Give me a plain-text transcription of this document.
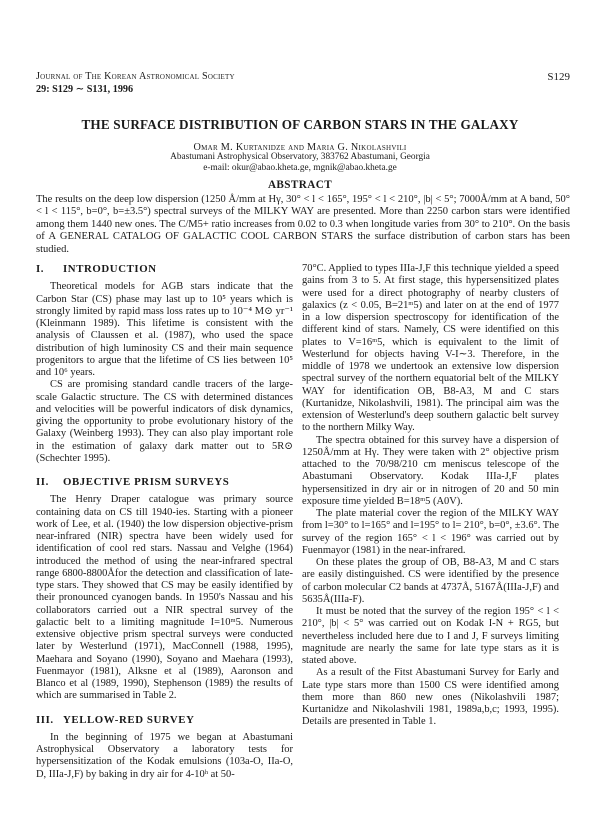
Journal of The Korean Astronomical Society
29: S129 ∼ S131, 1996
S129
THE SURFACE DISTRIBUTION OF CARBON STARS IN THE GALAXY
Omar M. Kurtanidze and Maria G. Nikolashvili
Abastumani Astrophysical Observatory, 383762 Abastumani, Georgia
e-mail: okur@abao.kheta.ge, mgnik@abao.kheta.ge
ABSTRACT
The results on the deep low dispersion (1250 Å/mm at Hγ, 30° < l < 165°, 195° < l < 210°, |b| < 5°; 7000Å/mm at A band, 50° < l < 115°, b=0°, b=±3.5°) spectral surveys of the MILKY WAY are presented. More than 2250 carbon stars were identified among them 1440 new ones. The C/M5+ ratio increases from 0.02 to 0.3 when longitude varies from 30° to 210°. On the basis of A GENERAL CATALOG OF GALACTIC COOL CARBON STARS the surface distribution of carbon stars has been studied.
I. INTRODUCTION

Theoretical models for AGB stars indicate that the Carbon Star (CS) phase may last up to 10⁵ years which is strongly limited by rapid mass loss rates up to 10⁻⁴ M⊙ yr⁻¹ (Kleinmann 1989). This lifetime is consistent with the analysis of Claussen et al. (1987), who used the space distribution of high luminosity CS and their main sequence progenitors to argue that the lifetime of CS lies between 10⁵ and 10⁶ years.

CS are promising standard candle tracers of the large-scale Galactic structure. The CS with determined distances and velocities will be powerful indicators of disk dynamics, giving the opportunity to probe evolutionary history of the Galaxy (Weinberg 1993). They can also play important role in the estimation of galaxy dark matter out to 5R⊙ (Schechter 1995).

II. OBJECTIVE PRISM SURVEYS

The Henry Draper catalogue was primary source containing data on CS till 1940-ies. Starting with a pioneer work of Lee, et al. (1940) the low dispersion objective-prism near-infrared (NIR) spectra have been widely used for identification of cool red stars. Nassau and Velghe (1964) introduced the method of using the near-infrared spectral range 6800-8800Åfor the detection and classification of late-type stars. They showed that CS may be easily identified by their pronounced cyanogen bands. In 1950's Nassau and his collaborators carried out a NIR spectral survey of the galactic belt to a limiting magnitude I=10ᵐ5. Numerous extensive objective prism spectral surveys were conducted later by Westerlund (1971), MacConnell (1988, 1995), Maehara and Soyano (1990), Soyano and Maehara (1993), Fuenmayor (1981), Alksne et al (1989), Aaronson and Blanco et al (1989, 1990), Stephenson (1989) the results of which are summarised in Table 2.

III. YELLOW-RED SURVEY

In the beginning of 1975 we began at Abastumani Astrophysical Observatory a laboratory tests for hypersensitization of the Kodak emulsions (103a-O, IIa-O, D, IIIa-J,F) by baking in dry air for 4-10ʰ at 50-

70°C. Applied to types IIIa-J,F this technique yielded a speed gains from 3 to 5. At first stage, this hypersensitized plates were used for a direct photography of nearby clusters of galaxics (z < 0.05, B=21ᵐ5) and later on at the end of 1977 in a low dispersion spectroscopy for identification of the different kind of stars. Namely, CS were identified on this plates to V=16ᵐ5, which is equivalent to the limit of Westerlund for objects having V-I∼3. Therefore, in the middle of 1978 we undertook an extensive low dispersion spectral survey of the northern equatorial belt of the MILKY WAY for identification OB, B8-A3, M and C stars (Kurtanidze, Nikolashvili, 1981). The principal aim was the extension of Westerlund's deep southern galactic belt survey to the northern Milky Way.

The spectra obtained for this survey have a dispersion of 1250Å/mm at Hγ. They were taken with 2° objective prism attached to the 70/98/210 cm meniscus telescope of the Abastumani Observatory. Kodak IIIa-J,F plates hypersensitized in dry air or in nitrogen of 20 and 50 min exposure time yielded B=18ᵐ5 (A0V).

The plate material cover the region of the MILKY WAY from l=30° to l=165° and l=195° to l= 210°, b=0°, ±3.6°. The survey of the region 165° < l < 196° was carried out by Fuenmayor (1981) in the near-infrared.

On these plates the group of OB, B8-A3, M and C stars are easily distinguished. CS were identified by the presence of carbon molecular C2 bands at 4737Å, 5167Å(IIIa-J,F) and 5635Å(IIIa-F).

It must be noted that the survey of the region 195° < l < 210°, |b| < 5° was carried out on Kodak I-N + RG5, but nevertheless included here due to I and J, F surveys limiting magnitude are nearly the same for late type stars as it is stated above.

As a result of the Fitst Abastumani Survey for Early and Late type stars more than 1500 CS were identified among them more than 860 new ones (Nikolashvili 1987; Kurtanidze and Nikolashvili 1981, 1989a,b,c; 1993, 1995). Details are presented in Table 1.
